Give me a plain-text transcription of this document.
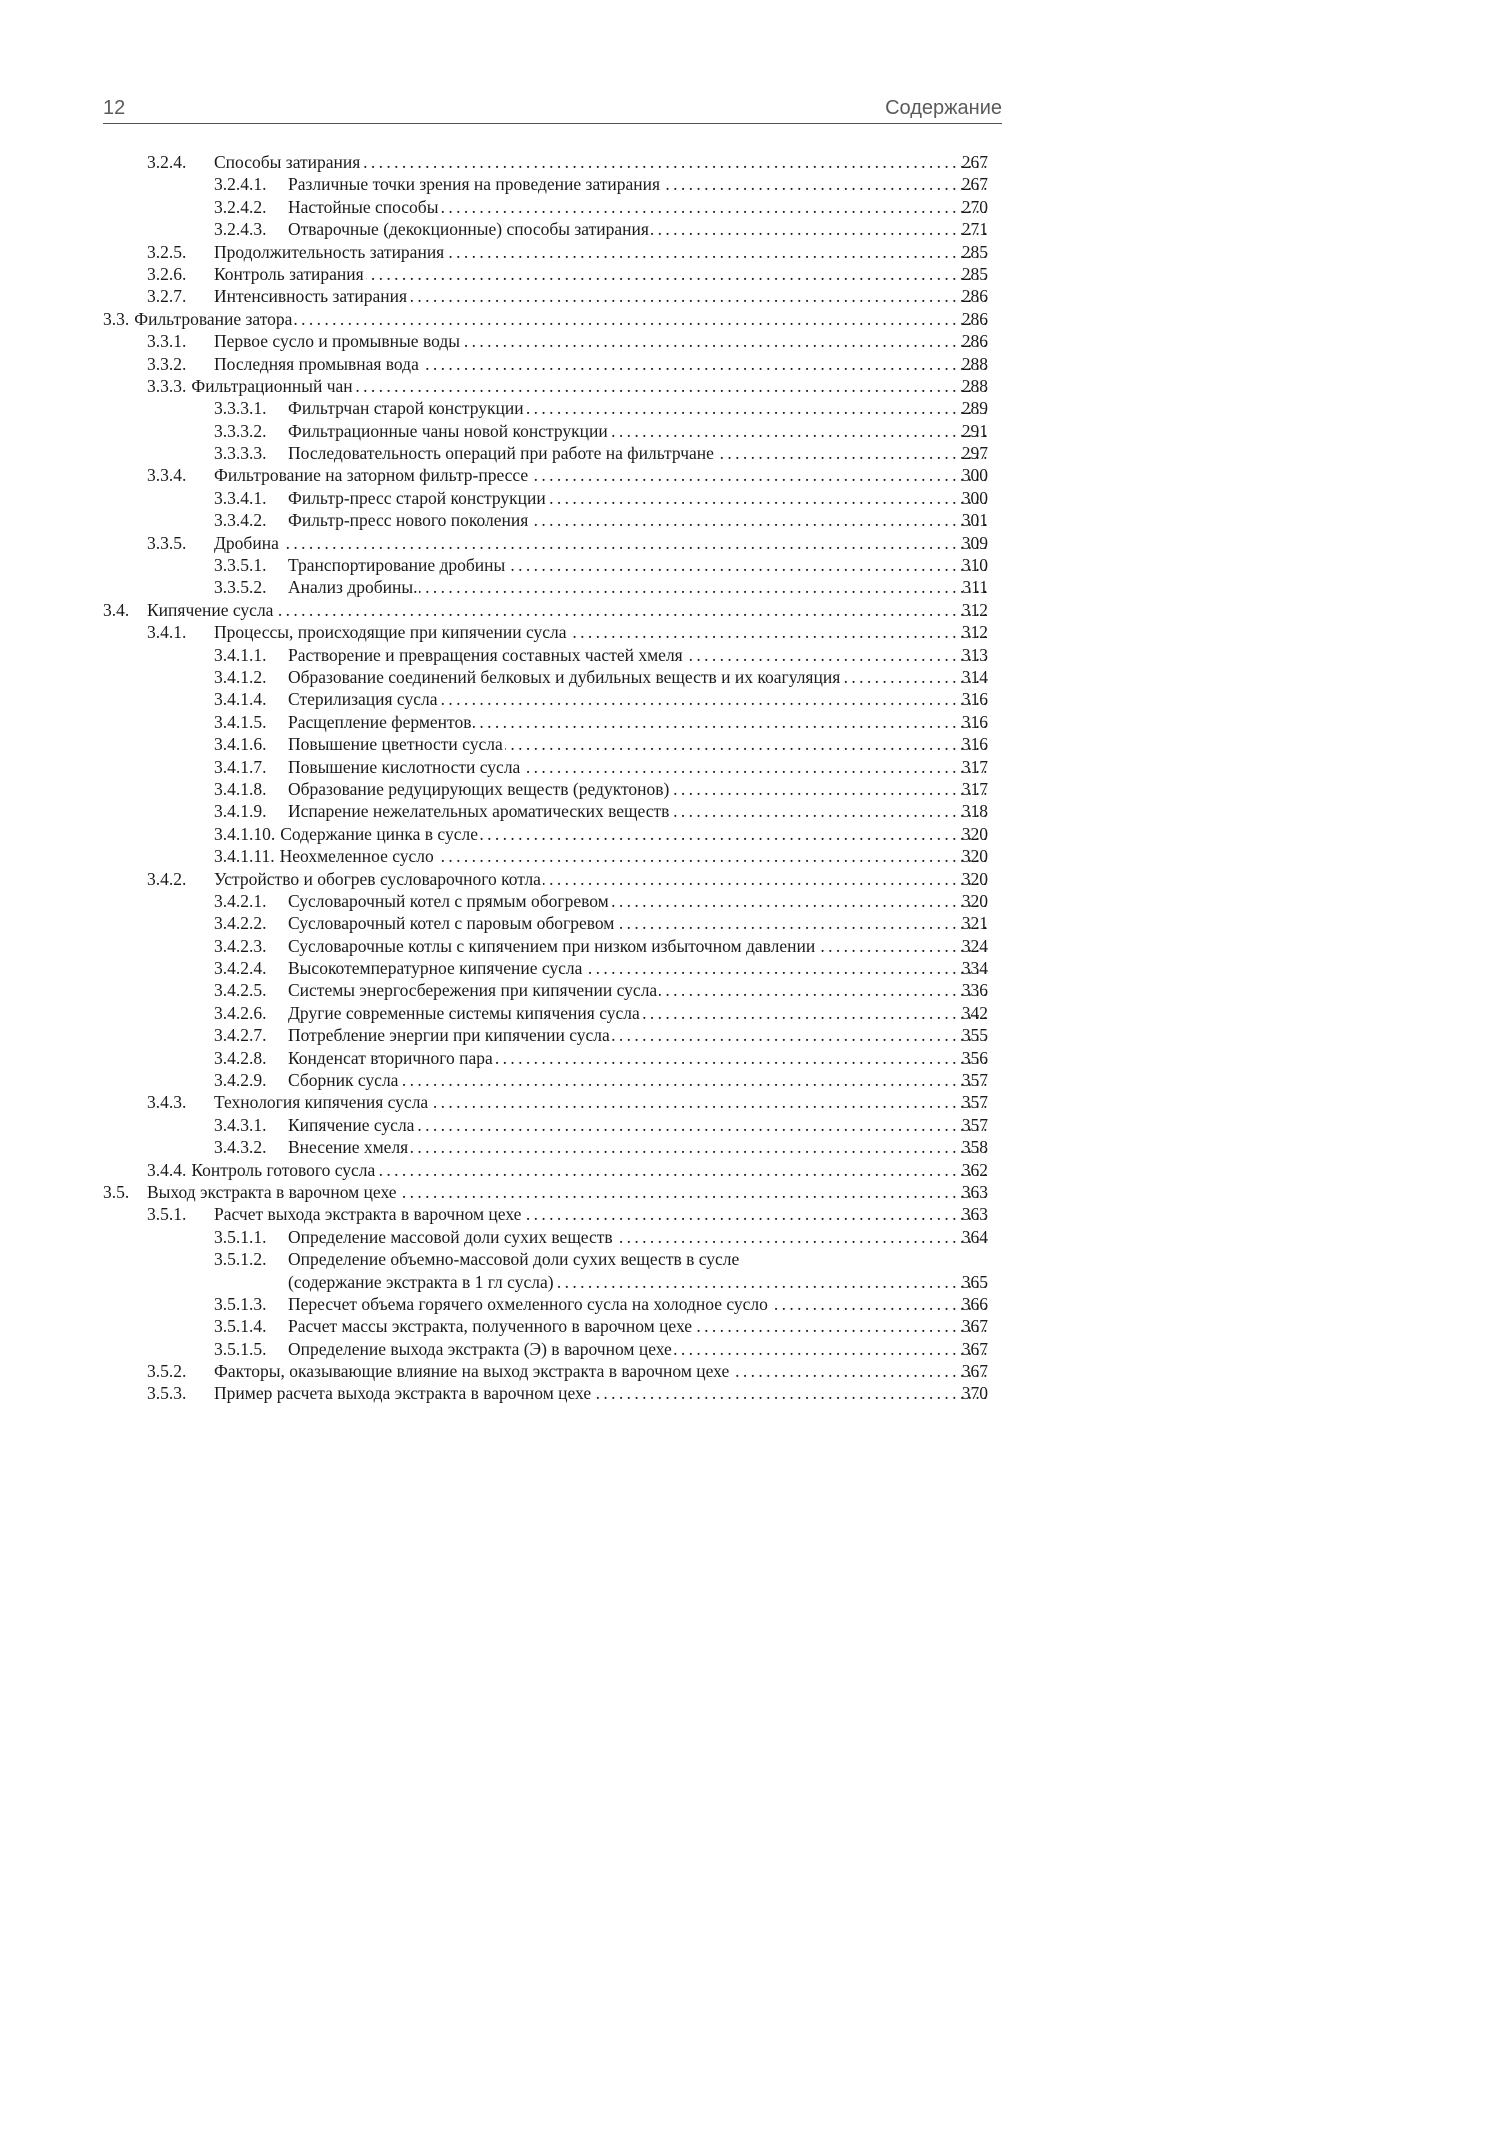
12	Содержание
3.2.4. Способы затирания . . .	267
3.2.4.1. Различные точки зрения на проведение затирания . . .	267
3.2.4.2. Настойные способы . . .	270
3.2.4.3. Отварочные (декокционные) способы затирания . . .	271
3.2.5. Продолжительность затирания . . .	285
3.2.6. Контроль затирания . . .	285
3.2.7. Интенсивность затирания . . .	286
3.3. Фильтрование затора . . .	286
3.3.1. Первое сусло и промывные воды . . .	286
3.3.2. Последняя промывная вода . . .	288
3.3.3. Фильтрационный чан . . .	288
3.3.3.1. Фильтрчан старой конструкции . . .	289
3.3.3.2. Фильтрационные чаны новой конструкции . . .	291
3.3.3.3. Последовательность операций при работе на фильтрчане . . .	297
3.3.4. Фильтрование на заторном фильтр-прессе . . .	300
3.3.4.1. Фильтр-пресс старой конструкции . . .	300
3.3.4.2. Фильтр-пресс нового поколения . . .	301
3.3.5. Дробина . . .	309
3.3.5.1. Транспортирование дробины . . .	310
3.3.5.2. Анализ дробины. . . .	311
3.4. Кипячение сусла . . .	312
3.4.1. Процессы, происходящие при кипячении сусла . . .	312
3.4.1.1. Растворение и превращения составных частей хмеля . . .	313
3.4.1.2. Образование соединений белковых и дубильных веществ и их коагуляция . . .	314
3.4.1.4. Стерилизация сусла . . .	316
3.4.1.5. Расщепление ферментов . . .	316
3.4.1.6. Повышение цветности сусла . . .	316
3.4.1.7. Повышение кислотности сусла . . .	317
3.4.1.8. Образование редуцирующих веществ (редуктонов) . . .	317
3.4.1.9. Испарение нежелательных ароматических веществ . . .	318
3.4.1.10. Содержание цинка в сусле . . .	320
3.4.1.11. Неохмеленное сусло . . .	320
3.4.2. Устройство и обогрев сусловарочного котла . . .	320
3.4.2.1. Сусловарочный котел с прямым обогревом . . .	320
3.4.2.2. Сусловарочный котел с паровым обогревом . . .	321
3.4.2.3. Сусловарочные котлы с кипячением при низком избыточном давлении . . .	324
3.4.2.4. Высокотемпературное кипячение сусла . . .	334
3.4.2.5. Системы энергосбережения при кипячении сусла . . .	336
3.4.2.6. Другие современные системы кипячения сусла . . .	342
3.4.2.7. Потребление энергии при кипячении сусла . . .	355
3.4.2.8. Конденсат вторичного пара . . .	356
3.4.2.9. Сборник сусла . . .	357
3.4.3. Технология кипячения сусла . . .	357
3.4.3.1. Кипячение сусла . . .	357
3.4.3.2. Внесение хмеля . . .	358
3.4.4. Контроль готового сусла . . .	362
3.5. Выход экстракта в варочном цехе . . .	363
3.5.1. Расчет выхода экстракта в варочном цехе . . .	363
3.5.1.1. Определение массовой доли сухих веществ . . .	364
3.5.1.2. Определение объемно-массовой доли сухих веществ в сусле
(содержание экстракта в 1 гл сусла) . . .	365
3.5.1.3. Пересчет объема горячего охмеленного сусла на холодное сусло . . .	366
3.5.1.4. Расчет массы экстракта, полученного в варочном цехе . . .	367
3.5.1.5. Определение выхода экстракта (Э) в варочном цехе . . .	367
3.5.2. Факторы, оказывающие влияние на выход экстракта в варочном цехе . . .	367
3.5.3. Пример расчета выхода экстракта в варочном цехе . . .	370
